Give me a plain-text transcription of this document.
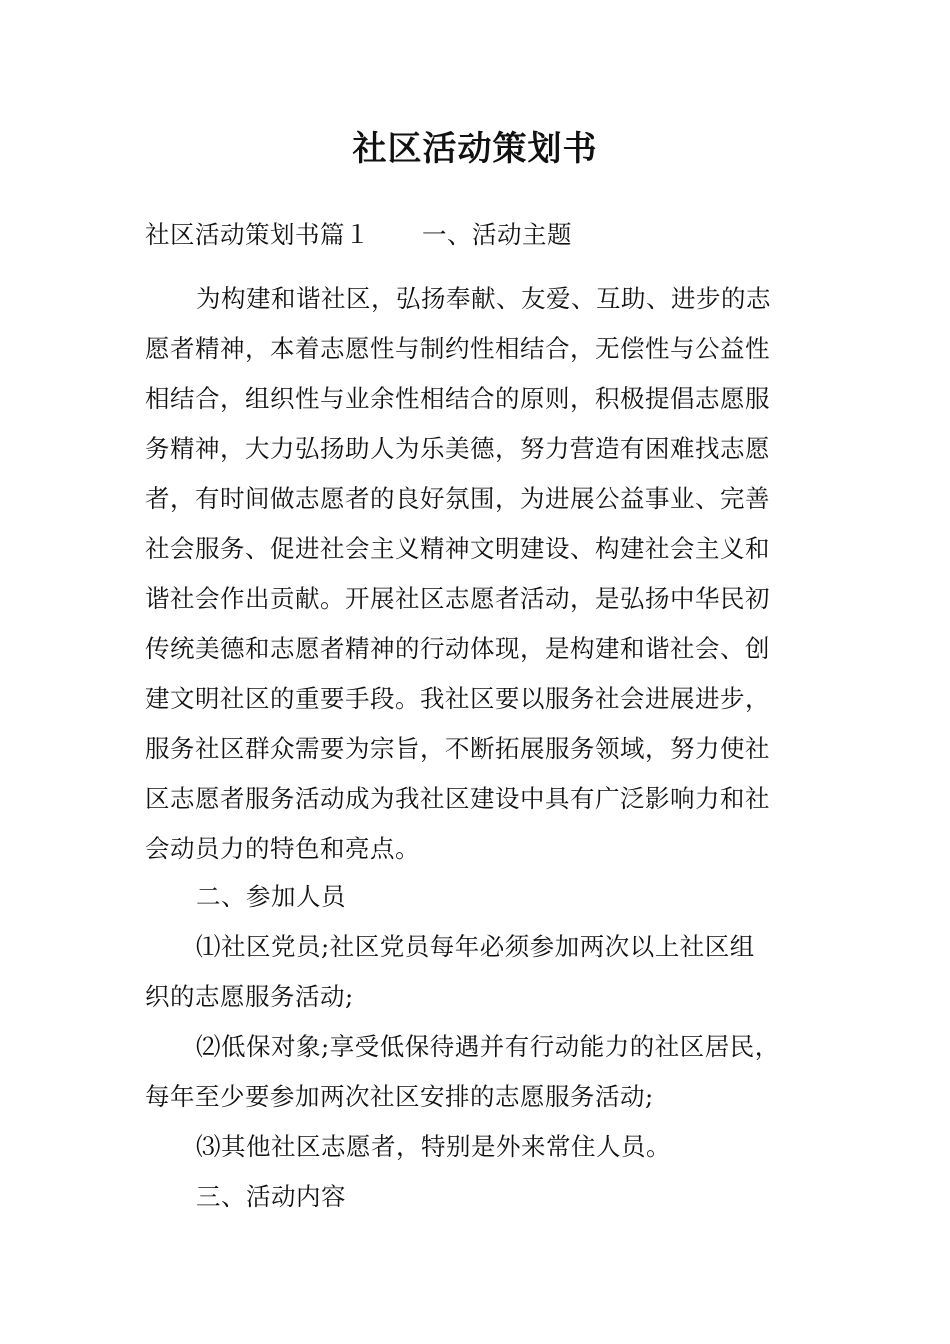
社区活动策划书
社区活动策划书篇１ 一、活动主题
为构建和谐社区，弘扬奉献、友爱、互助、进步的志
愿者精神，本着志愿性与制约性相结合，无偿性与公益性
相结合，组织性与业余性相结合的原则，积极提倡志愿服
务精神，大力弘扬助人为乐美德，努力营造有困难找志愿
者，有时间做志愿者的良好氛围，为进展公益事业、完善
社会服务、促进社会主义精神文明建设、构建社会主义和
谐社会作出贡献。开展社区志愿者活动，是弘扬中华民初
传统美德和志愿者精神的行动体现，是构建和谐社会、创
建文明社区的重要手段。我社区要以服务社会进展进步，
服务社区群众需要为宗旨，不断拓展服务领域，努力使社
区志愿者服务活动成为我社区建设中具有广泛影响力和社
会动员力的特色和亮点。
二、参加人员
⑴社区党员;社区党员每年必须参加两次以上社区组
织的志愿服务活动;
⑵低保对象;享受低保待遇并有行动能力的社区居民，
每年至少要参加两次社区安排的志愿服务活动;
⑶其他社区志愿者，特别是外来常住人员。
三、活动内容
